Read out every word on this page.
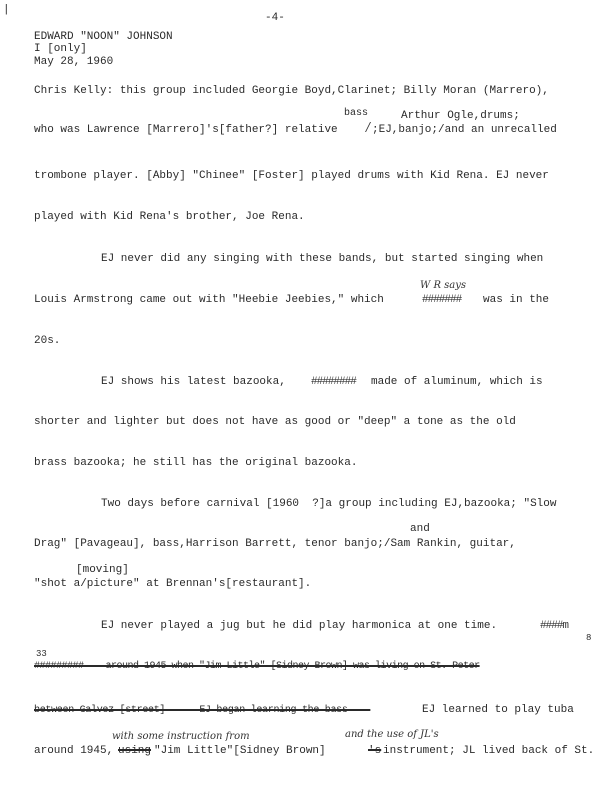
|
-4-
EDWARD "NOON" JOHNSON
I [only]
May 28, 1960
Chris Kelly: this group included Georgie Boyd,Clarinet; Billy Moran (Marrero),
bass	Arthur Ogle,drums;
who was Lawrence [Marrero]'s[father?] relative	;EJ,banjo;/and an unrecalled
/
trombone player. [Abby] "Chinee" [Foster] played drums with Kid Rena. EJ never
played with Kid Rena's brother, Joe Rena.
EJ never did any singing with these bands, but started singing when
W R says
Louis Armstrong came out with "Heebie Jeebies," which	####### was in the
20s.
EJ shows his latest bazooka, ######## made of aluminum, which is
shorter and lighter but does not have as good or "deep" a tone as the old
brass bazooka; he still has the original bazooka.
Two days before carnival [1960  ?]a group including EJ,bazooka; "Slow
and
Drag" [Pavageau], bass,Harrison Barrett, tenor banjo;/Sam Rankin, guitar,
[moving]
"shot a/picture" at Brennan's[restaurant].
EJ never played a jug but he did play harmonica at one time.	####m
8
33
#########    around 1945 when "Jim Little" [Sidney Brown] was living on St. Peter
between Galvez [street]      EJ began learning the bass	EJ learned to play tuba
with some instruction from	and the use of JL's
around 1945, using "Jim Little"[Sidney Brown]	's instrument; JL lived back of St.
